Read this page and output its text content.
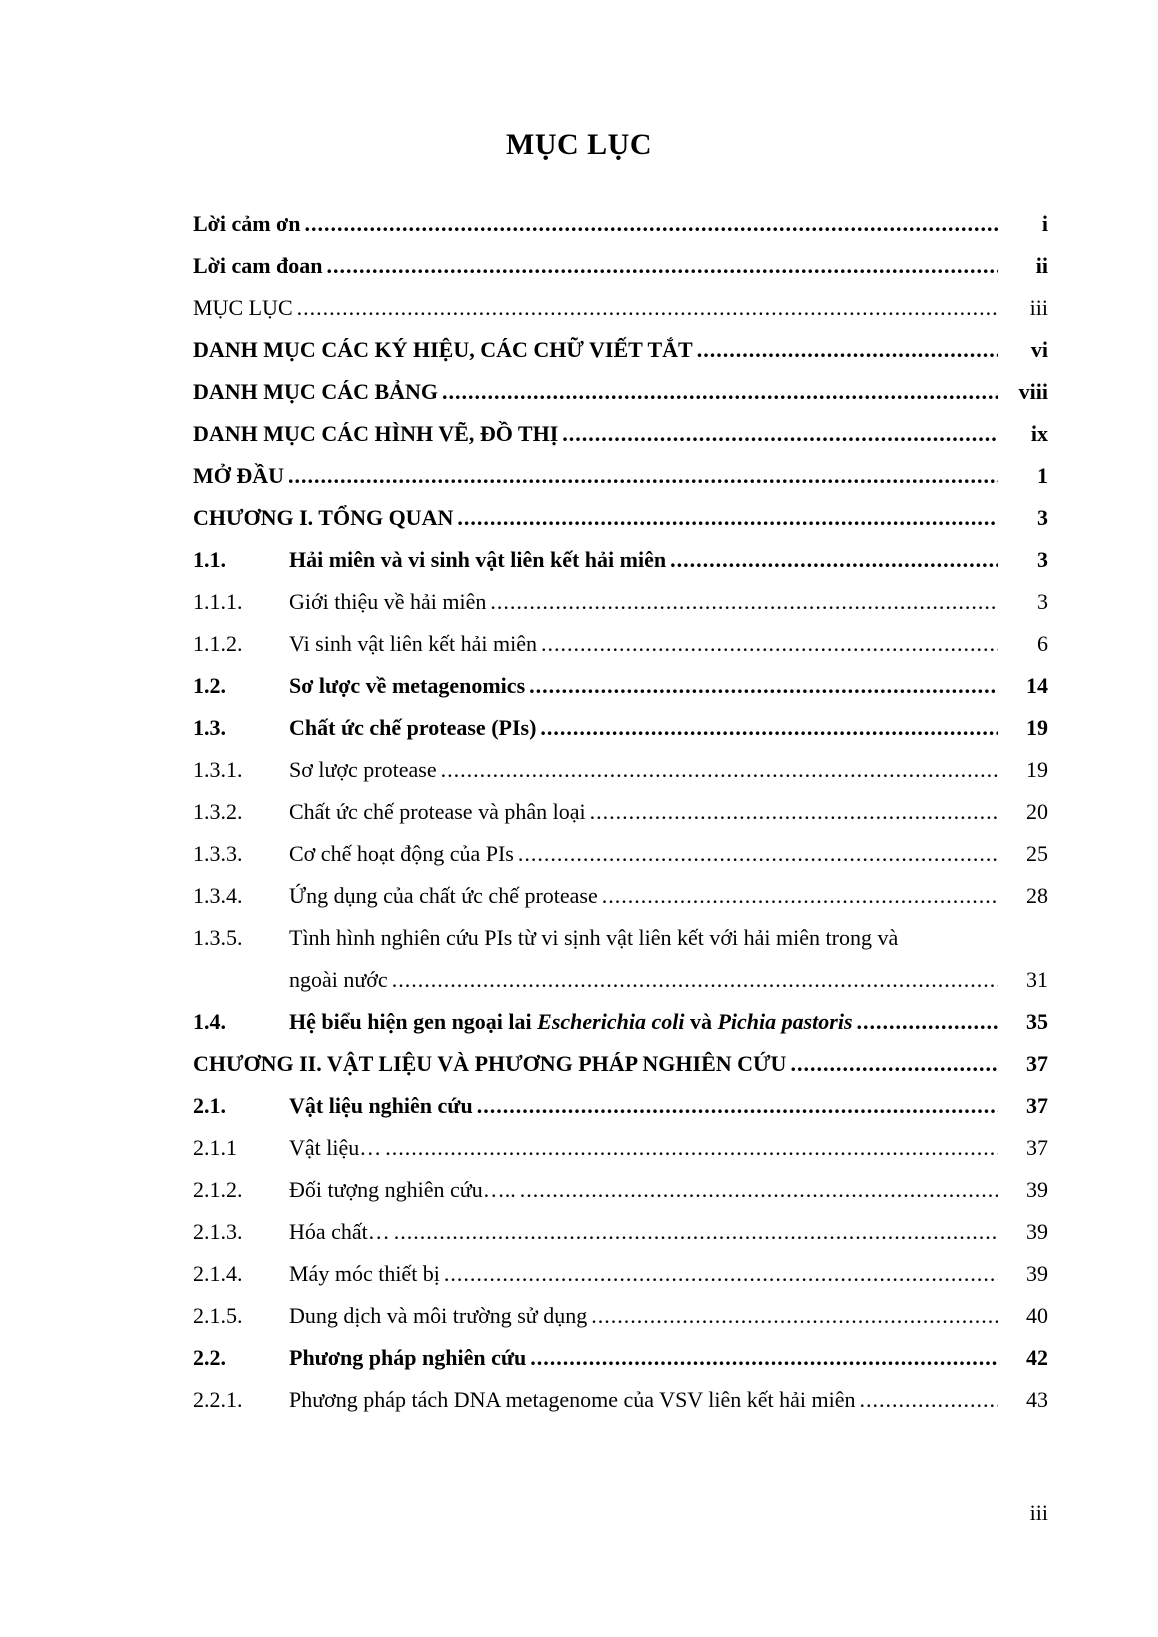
MỤC LỤC
iii
Lời cảm ơn .....	i
Lời cam đoan .....	ii
MỤC LỤC .....	iii
DANH MỤC CÁC KÝ HIỆU, CÁC CHỮ VIẾT TẮT .....	vi
DANH MỤC CÁC BẢNG .....	viii
DANH MỤC CÁC HÌNH VẼ, ĐỒ THỊ .....	ix
MỞ ĐẦU .....	1
CHƯƠNG I. TỔNG QUAN .....	3
1.1.	Hải miên và vi sinh vật liên kết hải miên .....	3
1.1.1.	Giới thiệu về hải miên .....	3
1.1.2.	Vi sinh vật liên kết hải miên .....	6
1.2.	Sơ lược về metagenomics .....	14
1.3.	Chất ức chế protease (PIs) .....	19
1.3.1.	Sơ lược protease .....	19
1.3.2.	Chất ức chế protease và phân loại .....	20
1.3.3.	Cơ chế hoạt động của PIs .....	25
1.3.4.	Ứng dụng của chất ức chế protease .....	28
1.3.5.	Tình hình nghiên cứu PIs từ vi sịnh vật liên kết với hải miên trong và
ngoài nước .....	31
1.4.	Hệ biểu hiện gen ngoại lai Escherichia coli và Pichia pastoris .....	35
CHƯƠNG II. VẬT LIỆU VÀ PHƯƠNG PHÁP NGHIÊN CỨU .....	37
2.1.	Vật liệu nghiên cứu .....	37
2.1.1	Vật liệu… .....	37
2.1.2.	Đối tượng nghiên cứu….. .....	39
2.1.3.	Hóa chất… .....	39
2.1.4.	Máy móc thiết bị .....	39
2.1.5.	Dung dịch và môi trường sử dụng .....	40
2.2.	Phương pháp nghiên cứu .....	42
2.2.1.	Phương pháp tách DNA metagenome của VSV liên kết hải miên .....	43
